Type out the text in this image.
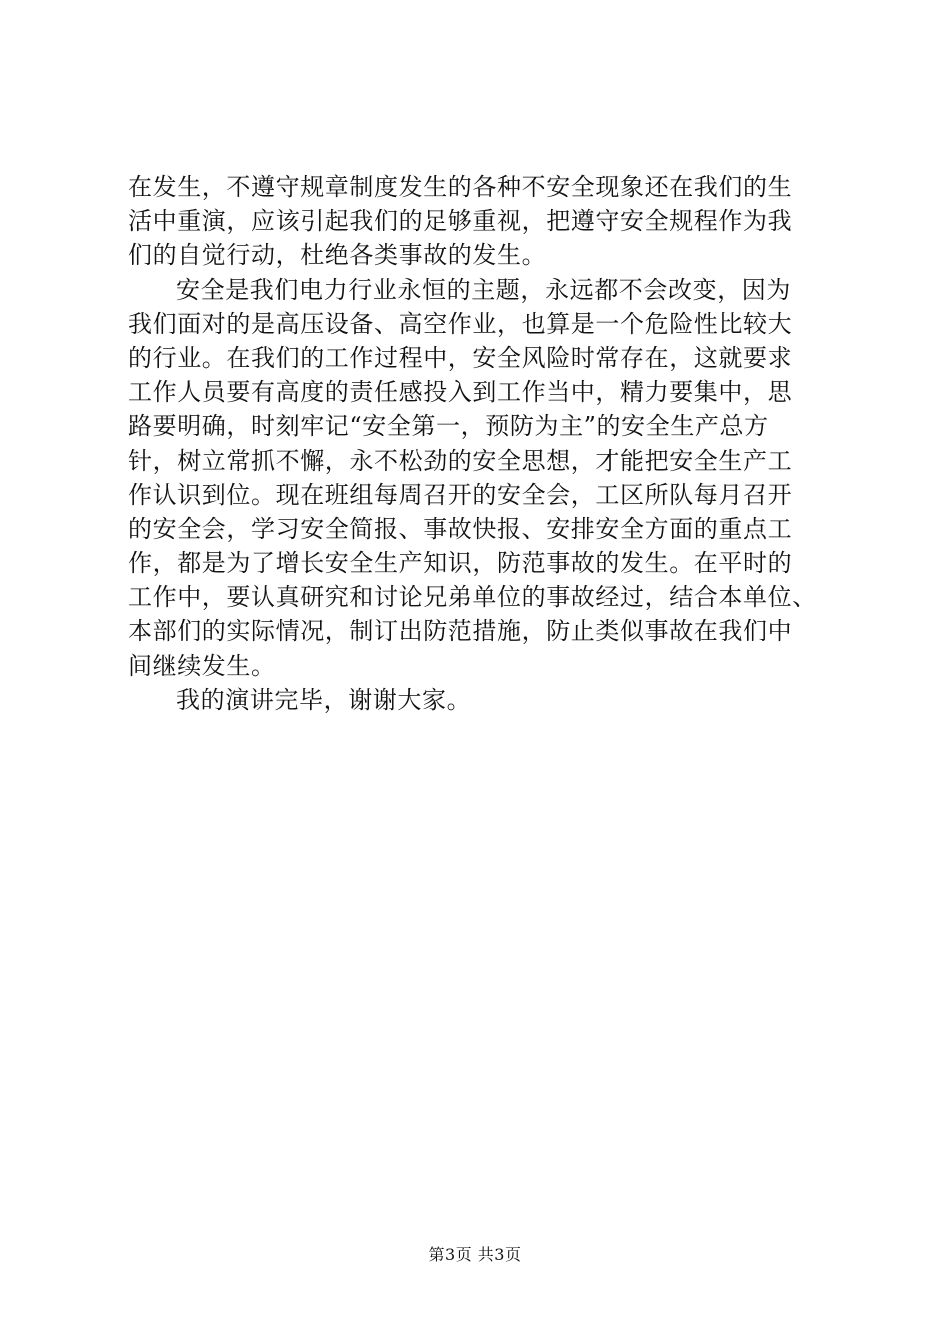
在发生，不遵守规章制度发生的各种不安全现象还在我们的生
活中重演，应该引起我们的足够重视，把遵守安全规程作为我
们的自觉行动，杜绝各类事故的发生。
安全是我们电力行业永恒的主题，永远都不会改变，因为
我们面对的是高压设备、高空作业，也算是一个危险性比较大
的行业。在我们的工作过程中，安全风险时常存在，这就要求
工作人员要有高度的责任感投入到工作当中，精力要集中，思
路要明确，时刻牢记“安全第一，预防为主”的安全生产总方
针，树立常抓不懈，永不松劲的安全思想，才能把安全生产工
作认识到位。现在班组每周召开的安全会，工区所队每月召开
的安全会，学习安全简报、事故快报、安排安全方面的重点工
作，都是为了增长安全生产知识，防范事故的发生。在平时的
工作中，要认真研究和讨论兄弟单位的事故经过，结合本单位、
本部们的实际情况，制订出防范措施，防止类似事故在我们中
间继续发生。
我的演讲完毕，谢谢大家。
第3页 共3页
